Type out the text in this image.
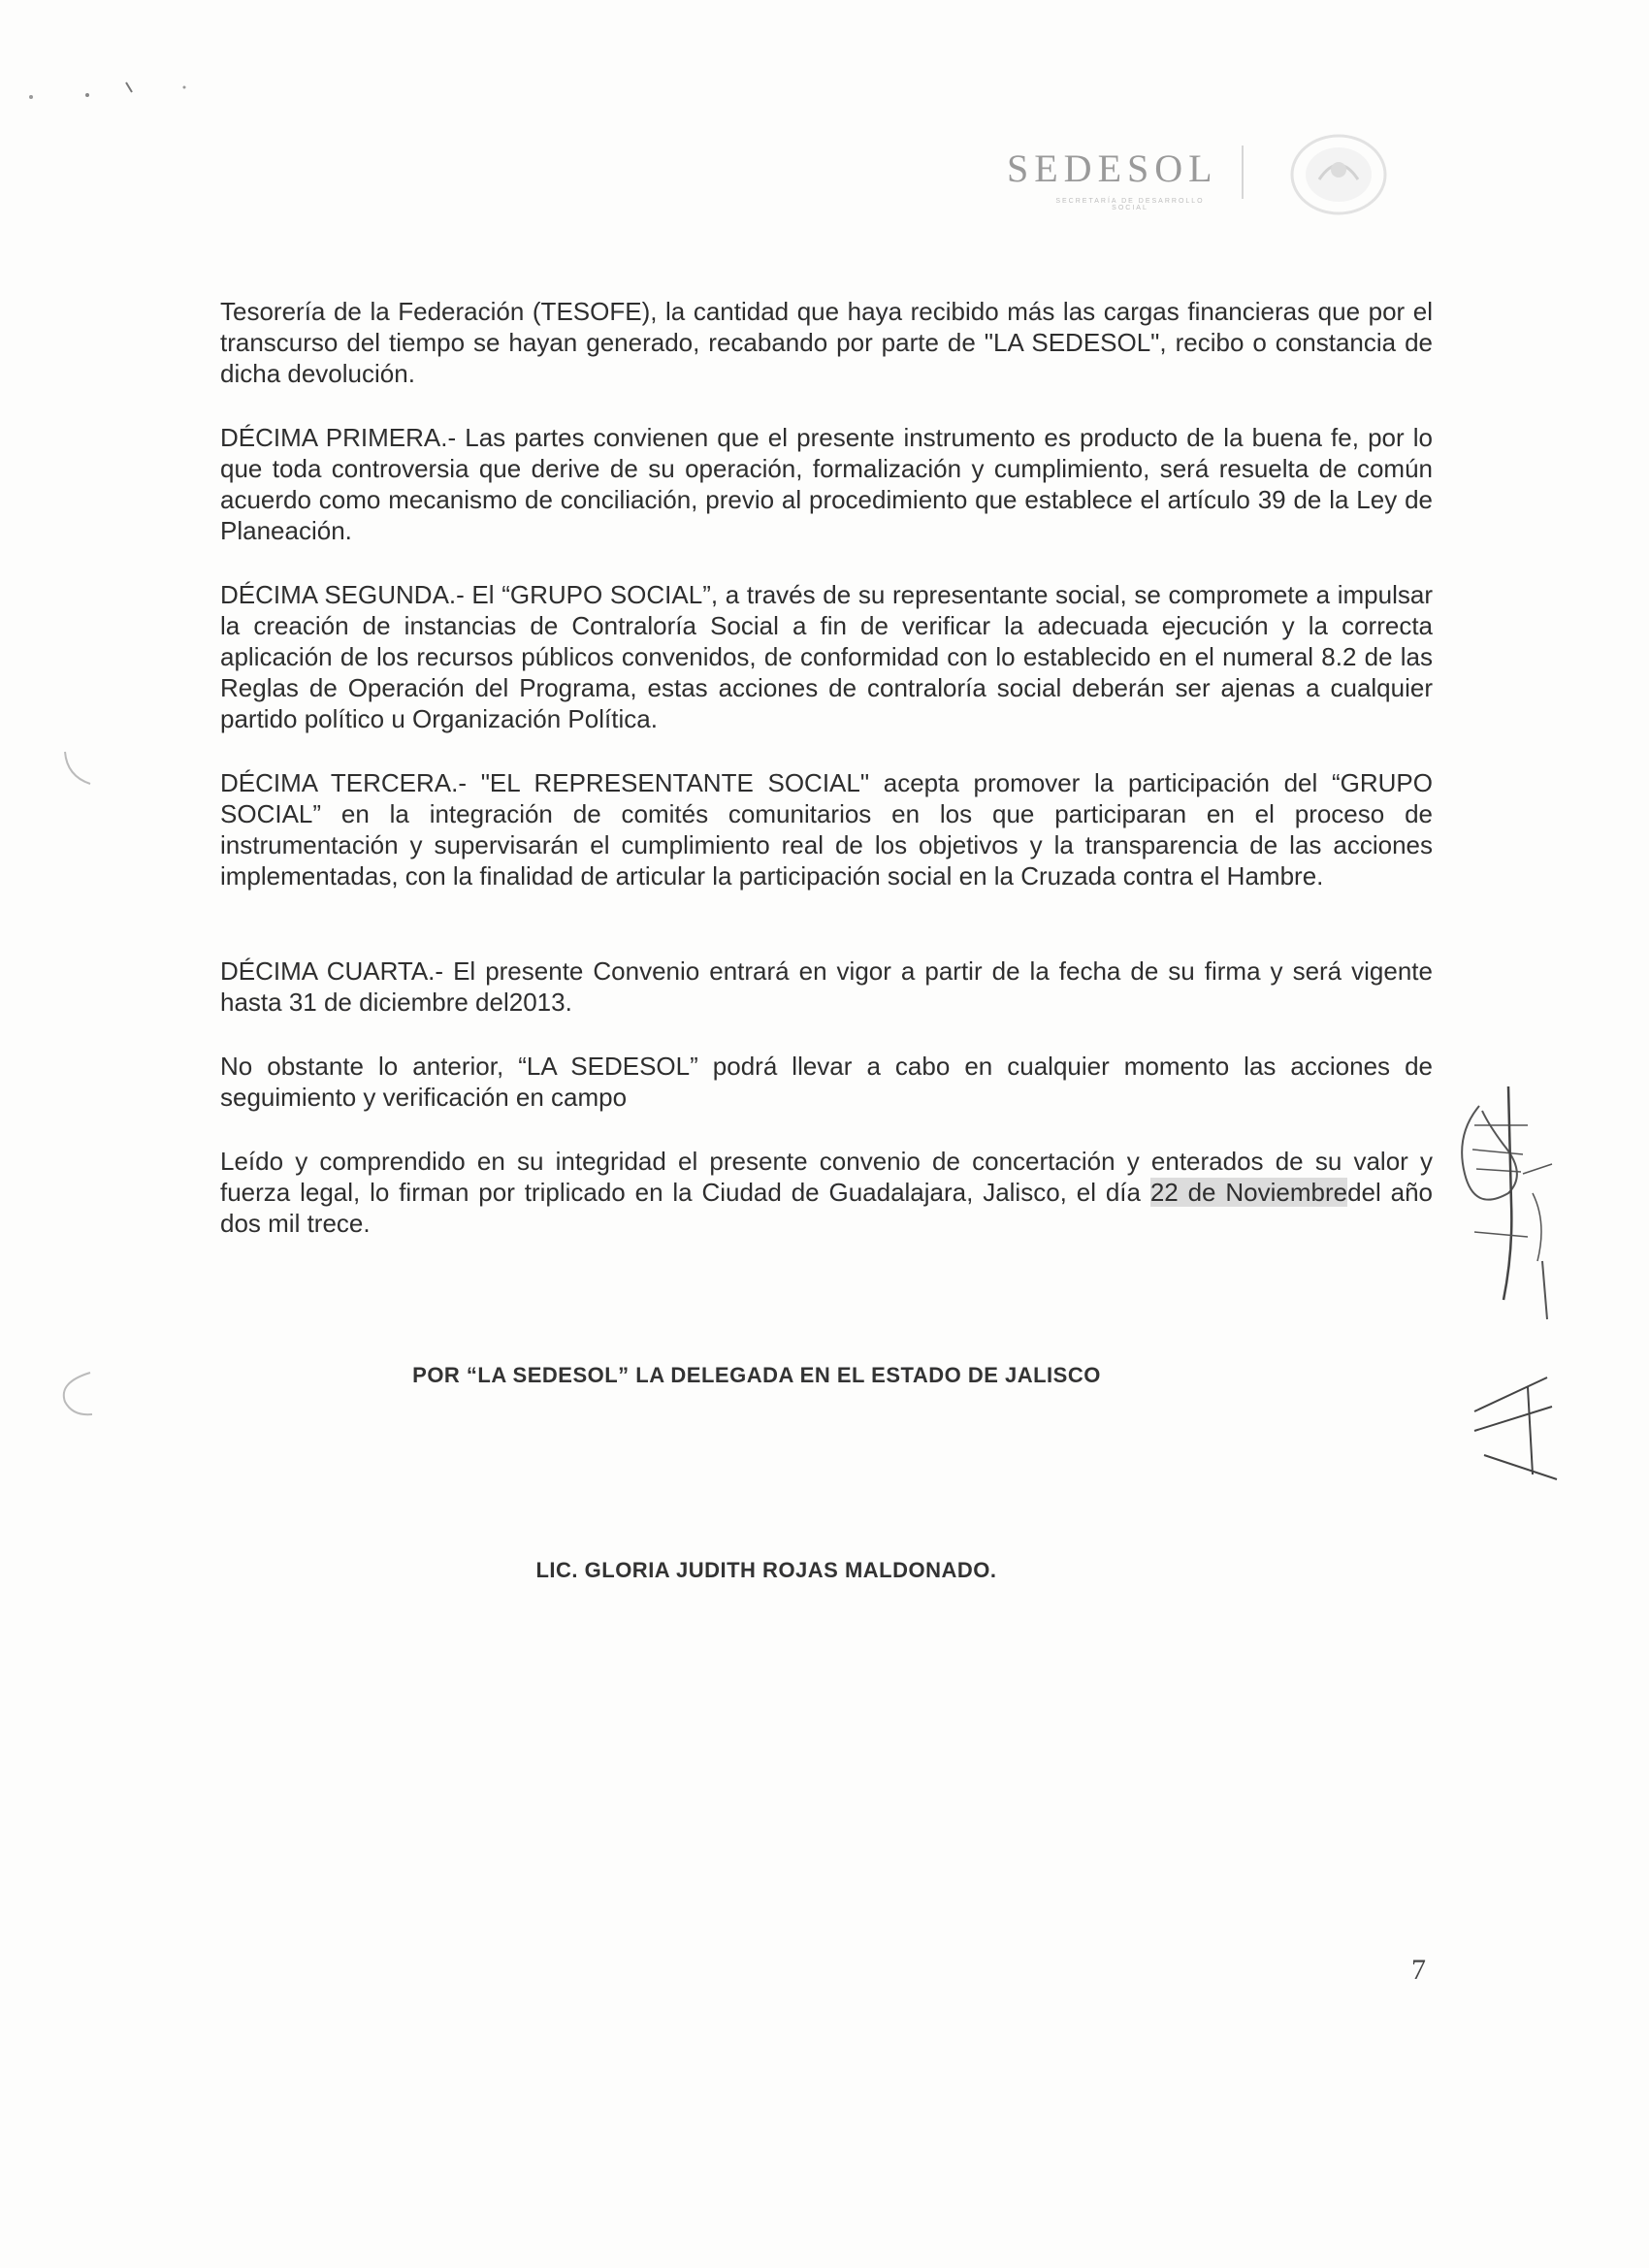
SEDESOL
SECRETARÍA DE DESARROLLO SOCIAL

Tesorería de la Federación (TESOFE), la cantidad que haya recibido más las cargas financieras que por el transcurso del tiempo se hayan generado, recabando por parte de "LA SEDESOL", recibo o constancia de dicha devolución.

DÉCIMA PRIMERA.- Las partes convienen que el presente instrumento es producto de la buena fe, por lo que toda controversia que derive de su operación, formalización y cumplimiento, será resuelta de común acuerdo como mecanismo de conciliación, previo al procedimiento que establece el artículo 39 de la Ley de Planeación.

DÉCIMA SEGUNDA.- El “GRUPO SOCIAL”, a través de su representante social, se compromete a impulsar la creación de instancias de Contraloría Social a fin de verificar la adecuada ejecución y la correcta aplicación de los recursos públicos convenidos, de conformidad con lo establecido en el numeral 8.2 de las Reglas de Operación del Programa, estas acciones de contraloría social deberán ser ajenas a cualquier partido político u Organización Política.

DÉCIMA TERCERA.- "EL REPRESENTANTE SOCIAL" acepta promover la participación del “GRUPO SOCIAL” en la integración de comités comunitarios en los que participaran en el proceso de instrumentación y supervisarán el cumplimiento real de los objetivos y la transparencia de las acciones implementadas, con la finalidad de articular la participación social en la Cruzada contra el Hambre.

DÉCIMA CUARTA.- El presente Convenio entrará en vigor a partir de la fecha de su firma y será vigente hasta 31 de diciembre del2013.

No obstante lo anterior, “LA SEDESOL” podrá llevar a cabo en cualquier momento las acciones de seguimiento y verificación en campo

Leído y comprendido en su integridad el presente convenio de concertación y enterados de su valor y fuerza legal, lo firman por triplicado en la Ciudad de Guadalajara, Jalisco, el día 22 de Noviembredel año dos mil trece.

POR “LA SEDESOL” LA DELEGADA EN EL ESTADO DE JALISCO
LIC. GLORIA JUDITH ROJAS MALDONADO.
7
